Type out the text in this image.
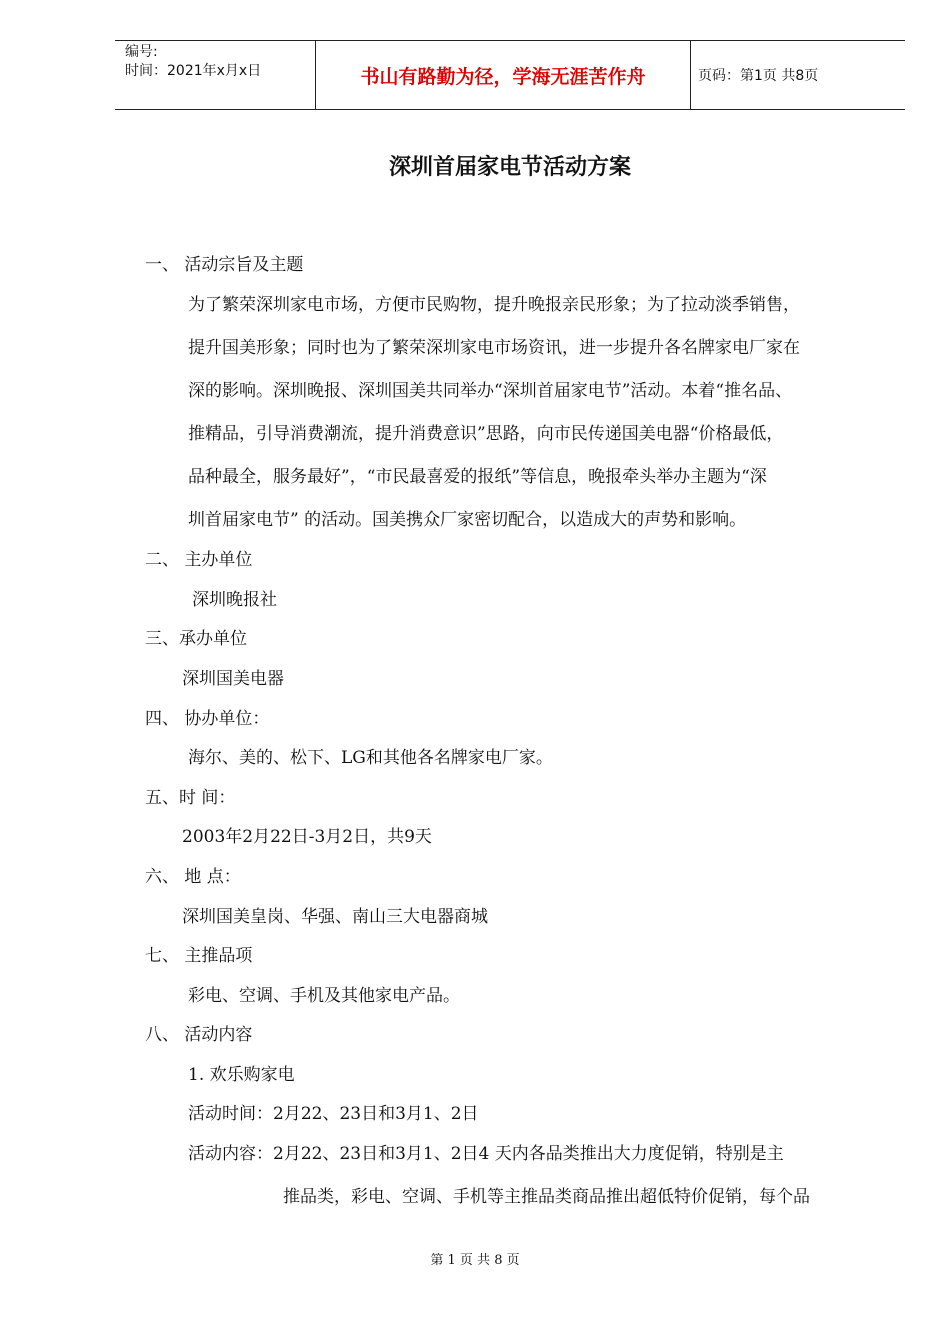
编号:
时间：2021年x月x日	书山有路勤为径，学海无涯苦作舟	页码：第1页 共8页
深圳首届家电节活动方案
一、 活动宗旨及主题
为了繁荣深圳家电市场，方便市民购物，提升晚报亲民形象；为了拉动淡季销售，
提升国美形象；同时也为了繁荣深圳家电市场资讯，进一步提升各名牌家电厂家在
深的影响。深圳晚报、深圳国美共同举办“深圳首届家电节”活动。本着“推名品、
推精品，引导消费潮流，提升消费意识”思路，向市民传递国美电器“价格最低，
品种最全，服务最好”，“市民最喜爱的报纸”等信息，晚报牵头举办主题为“深
圳首届家电节” 的活动。国美携众厂家密切配合，以造成大的声势和影响。
二、 主办单位
深圳晚报社
三、承办单位
深圳国美电器
四、 协办单位：
海尔、美的、松下、LG和其他各名牌家电厂家。
五、时 间：
2003年2月22日-3月2日，共9天
六、 地 点：
深圳国美皇岗、华强、南山三大电器商城
七、 主推品项
彩电、空调、手机及其他家电产品。
八、 活动内容
1. 欢乐购家电
活动时间：2月22、23日和3月1、2日
活动内容：2月22、23日和3月1、2日4 天内各品类推出大力度促销，特别是主
推品类，彩电、空调、手机等主推品类商品推出超低特价促销，每个品
第 1 页 共 8 页
